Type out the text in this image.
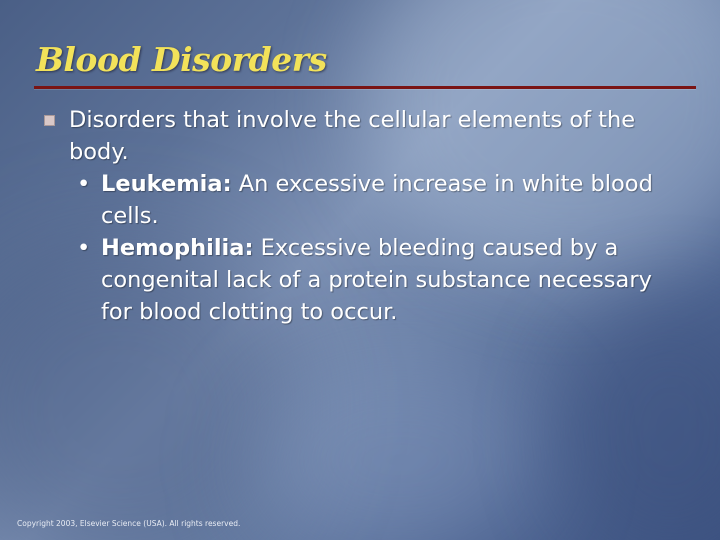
Blood Disorders
Disorders that involve the cellular elements of the body.
• Leukemia: An excessive increase in white blood cells.
• Hemophilia: Excessive bleeding caused by a congenital lack of a protein substance necessary for blood clotting to occur.
Copyright 2003, Elsevier Science (USA). All rights reserved.
